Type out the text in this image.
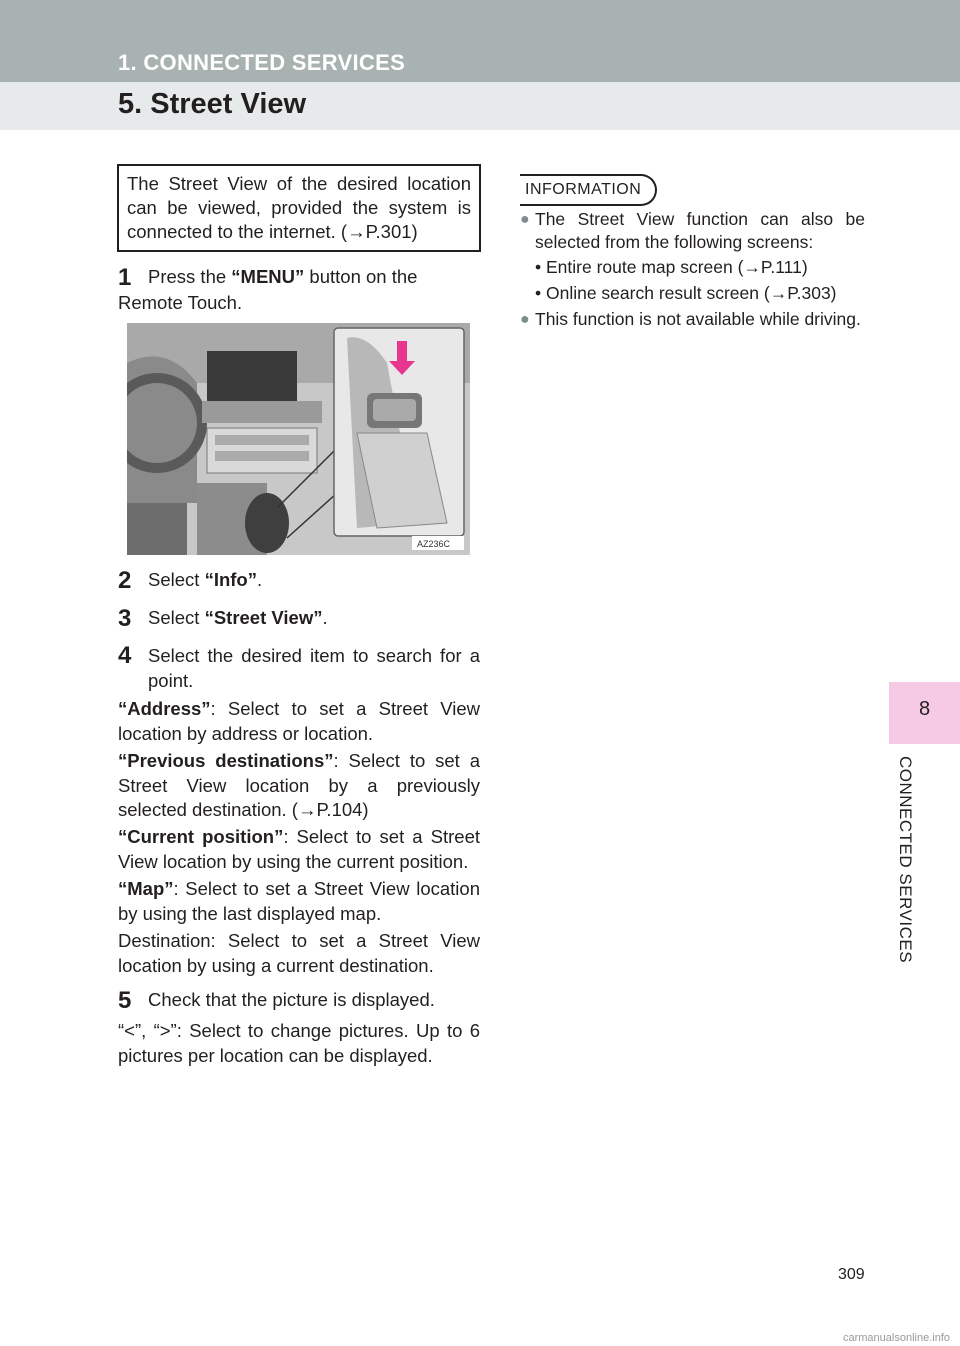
1. CONNECTED SERVICES
5. Street View
8
CONNECTED SERVICES
The Street View of the desired location can be viewed, provided the system is connected to the internet. (→P.301)
1 Press the “MENU” button on the Remote Touch.
AZ236C
2 Select “Info”.
3 Select “Street View”.
4 Select the desired item to search for a point.
“Address”: Select to set a Street View location by address or location.
“Previous destinations”: Select to set a Street View location by a previously selected destination. (→P.104)
“Current position”: Select to set a Street View location by using the current position.
“Map”: Select to set a Street View location by using the last displayed map.
Destination: Select to set a Street View location by using a current destination.
5 Check that the picture is displayed.
“<”, “>”: Select to change pictures. Up to 6 pictures per location can be displayed.
INFORMATION
● The Street View function can also be selected from the following screens:
• Entire route map screen (→P.111)
• Online search result screen (→P.303)
● This function is not available while driving.
309
carmanualsonline.info
